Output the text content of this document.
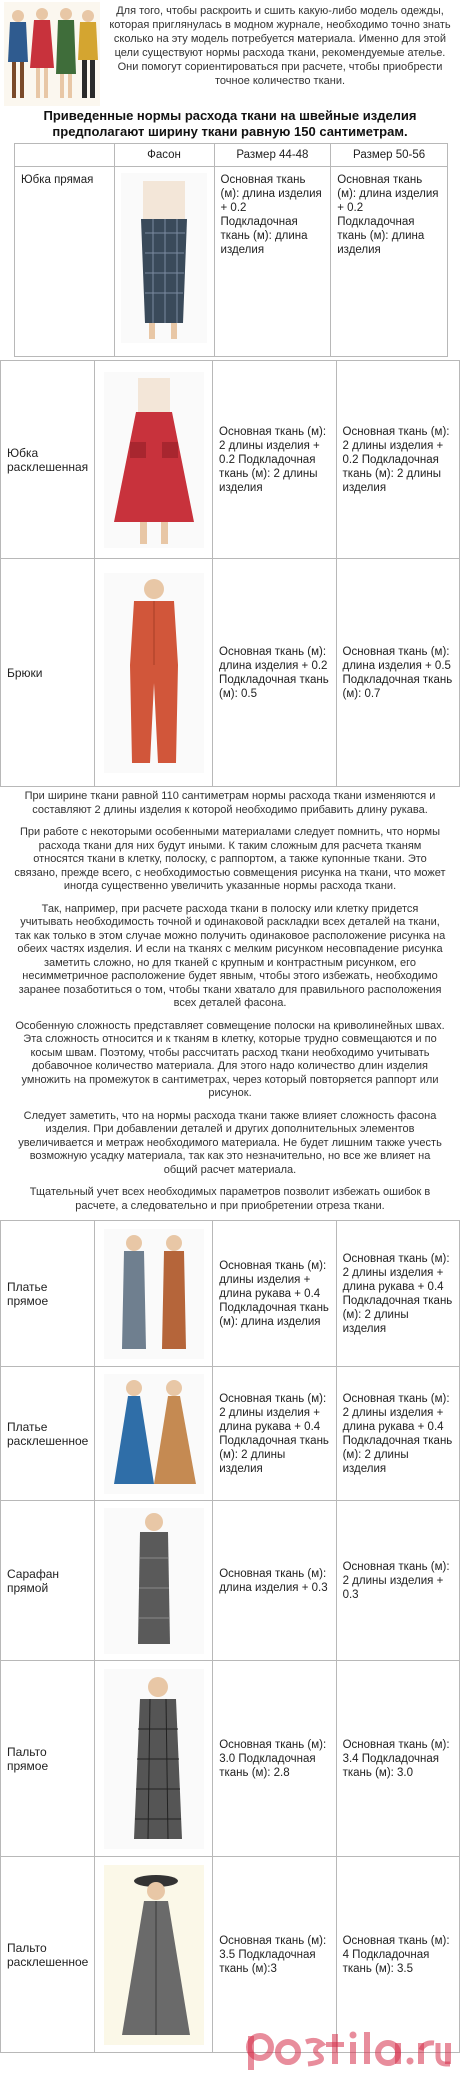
Для того, чтобы раскроить и сшить какую-либо модель одежды, которая приглянулась в модном журнале, необходимо точно знать сколько на эту модель потребуется материала. Именно для этой цели существуют нормы расхода ткани, рекомендуемые ателье. Они помогут сориентироваться при расчете, чтобы приобрести точное количество ткани.
Приведенные нормы расхода ткани на швейные изделия предполагают ширину ткани равную 150 сантиметрам.
	Фасон	Размер 44-48	Размер 50-56
Юбка прямая		Основная ткань (м): длина изделия + 0.2 Подкладочная ткань (м): длина изделия	Основная ткань (м): длина изделия + 0.2 Подкладочная ткань (м): длина изделия
Юбка расклешенная		Основная ткань (м): 2 длины изделия + 0.2 Подкладочная ткань (м): 2 длины изделия	Основная ткань (м): 2 длины изделия + 0.2 Подкладочная ткань (м): 2 длины изделия
Брюки		Основная ткань (м): длина изделия + 0.2 Подкладочная ткань (м): 0.5	Основная ткань (м): длина изделия + 0.5 Подкладочная ткань (м): 0.7

При ширине ткани равной 110 сантиметрам нормы расхода ткани изменяются и составляют 2 длины изделия к которой необходимо прибавить длину рукава.

При работе с некоторыми особенными материалами следует помнить, что нормы расхода ткани для них будут иными. К таким сложным для расчета тканям относятся ткани в клетку, полоску, с раппортом, а также купонные ткани. Это связано, прежде всего, с необходимостью совмещения рисунка на ткани, что может иногда существенно увеличить указанные нормы расхода ткани.

Так, например, при расчете расхода ткани в полоску или клетку придется учитывать необходимость точной и одинаковой раскладки всех деталей на ткани, так как только в этом случае можно получить одинаковое расположение рисунка на обеих частях изделия. И если на тканях с мелким рисунком несовпадение рисунка заметить сложно, но для тканей с крупным и контрастным рисунком, его несимметричное расположение будет явным, чтобы этого избежать, необходимо заранее позаботиться о том, чтобы ткани хватало для правильного расположения всех деталей фасона.

Особенную сложность представляет совмещение полоски на криволинейных швах. Эта сложность относится и к тканям в клетку, которые трудно совмещаются и по косым швам. Поэтому, чтобы рассчитать расход ткани необходимо учитывать добавочное количество материала. Для этого надо количество длин изделия умножить на промежуток в сантиметрах, через который повторяется раппорт или рисунок.

Следует заметить, что на нормы расхода ткани также влияет сложность фасона изделия. При добавлении деталей и других дополнительных элементов увеличивается и метраж необходимого материала. Не будет лишним также учесть возможную усадку материала, так как это незначительно, но все же влияет на общий расчет материала.

Тщательный учет всех необходимых параметров позволит избежать ошибок в расчете, а следовательно и при приобретении отреза ткани.

Платье прямое		Основная ткань (м): длины изделия + длина рукава + 0.4 Подкладочная ткань (м): длина изделия	Основная ткань (м): 2 длины изделия + длина рукава + 0.4 Подкладочная ткань (м): 2 длины изделия
Платье расклешенное		Основная ткань (м): 2 длины изделия + длина рукава + 0.4 Подкладочная ткань (м): 2 длины изделия	Основная ткань (м): 2 длины изделия + длина рукава + 0.4 Подкладочная ткань (м): 2 длины изделия
Сарафан прямой		Основная ткань (м): длина изделия + 0.3	Основная ткань (м): 2 длины изделия + 0.3
Пальто прямое		Основная ткань (м): 3.0 Подкладочная ткань (м): 2.8	Основная ткань (м): 3.4 Подкладочная ткань (м): 3.0
Пальто расклешенное		Основная ткань (м): 3.5 Подкладочная ткань (м):3	Основная ткань (м): 4 Подкладочная ткань (м): 3.5
